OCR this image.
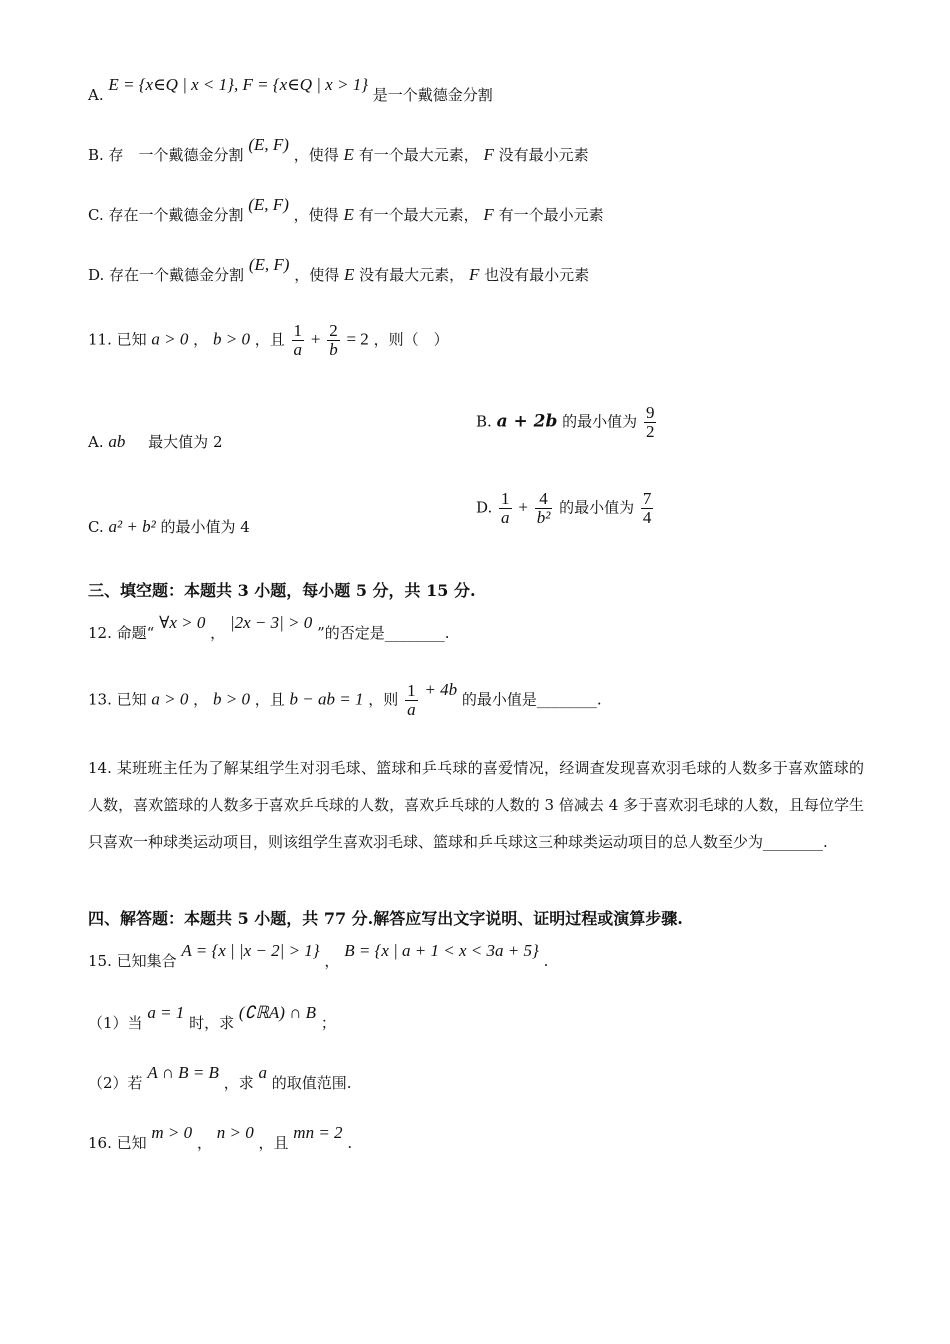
A. E = {x∈Q | x < 1}, F = {x∈Q | x > 1} 是一个戴德金分割
B. 存　一个戴德金分割 (E, F) ，使得 E 有一个最大元素， F 没有最小元素
C. 存在一个戴德金分割 (E, F) ，使得 E 有一个最大元素， F 有一个最小元素
D. 存在一个戴德金分割 (E, F) ，使得 E 没有最大元素， F 也没有最小元素
11. 已知 a > 0 ， b > 0 ，且 $\frac{1}{a} + \frac{2}{b} = 2$ ，则（　）
A. ab 最大值为 2
B. a + 2b 的最小值为 $\frac{9}{2}$
C. a² + b² 的最小值为 4
D. $\frac{1}{a} + \frac{4}{\text{b²}}$ 的最小值为 $\frac{7}{4}$
三、填空题：本题共 3 小题，每小题 5 分，共 15 分.
12. 命题“ ∀x > 0 ， |2x − 3| > 0 ”的否定是________.
13. 已知 a > 0 ， b > 0 ，且 b − ab = 1 ，则 $\frac{1}{a} + 4b$ 的最小值是________.
14. 某班班主任为了解某组学生对羽毛球、篮球和乒乓球的喜爱情况，经调查发现喜欢羽毛球的人数多于喜欢篮球的人数，喜欢篮球的人数多于喜欢乒乓球的人数，喜欢乒乓球的人数的 3 倍减去 4 多于喜欢羽毛球的人数，且每位学生只喜欢一种球类运动项目，则该组学生喜欢羽毛球、篮球和乒乓球这三种球类运动项目的总人数至少为________.
四、解答题：本题共 5 小题，共 77 分.解答应写出文字说明、证明过程或演算步骤.
15. 已知集合 A = {x | |x − 2| > 1} ， B = {x | a + 1 < x < 3a + 5} .
（1）当 a = 1 时，求 (∁ℝA) ∩ B ；
（2）若 A ∩ B = B ，求 a 的取值范围.
16. 已知 m > 0 ， n > 0 ，且 mn = 2 .
